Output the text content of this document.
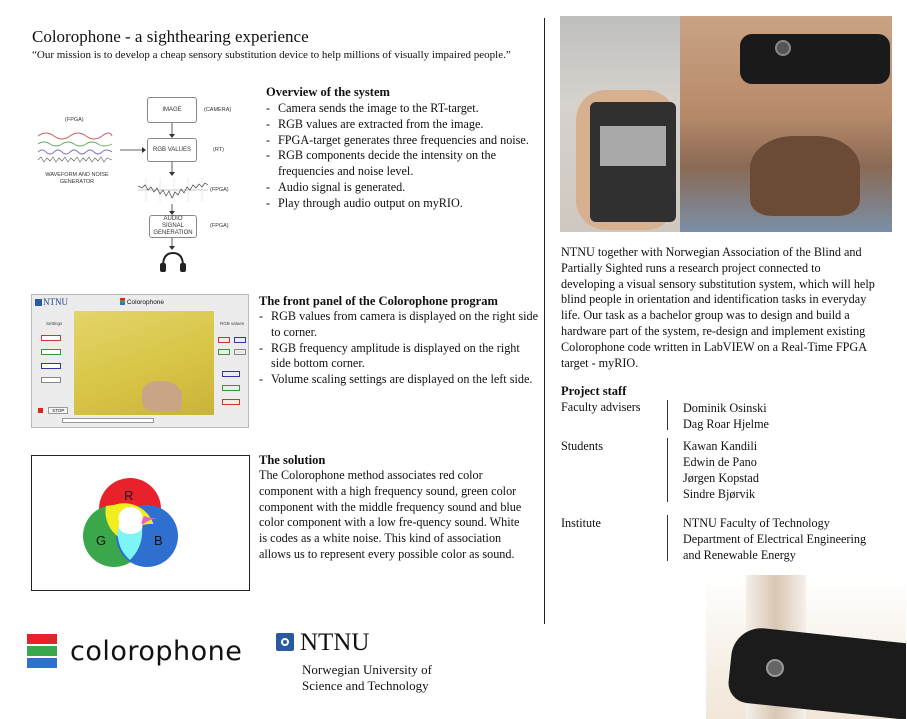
Colorophone - a sighthearing experience
“Our mission is to develop a cheap sensory substitution device to help millions of visually impaired people.”
(FPGA)
WAVEFORM AND NOISE GENERATOR
IMAGE	(CAMERA)
RGB VALUES	(RT)
(FPGA)
AUDIO SIGNAL GENERATION
(FPGA)
Overview of the system
- Camera sends the image to the RT-target.
- RGB values are extracted from the image.
- FPGA-target generates three frequencies and noise.
- RGB components decide the intensity on the frequencies and noise level.
- Audio signal is generated.
- Play through audio output on myRIO.
NTNU	Colorophone
Settings
STOP
RGB values
The front panel of the Colorophone program
- RGB values from camera is displayed on the right side to corner.
- RGB frequency amplitude is displayed on the right side bottom corner.
- Volume scaling settings are displayed on the left side.
R
G	B
The solution

The Colorophone method associates red color component with a high frequency sound, green color component with the middle frequency sound and blue color component with a low fre-quency sound. White is codes as a white noise. This kind of association allows us to represent every possible color as sound.

NTNU together with Norwegian Association of the Blind and Partially Sighted runs a research project connected to developing a visual sensory substitution system, which will help blind people in orientation and identification tasks in everyday life. Our task as a bachelor group was to design and build a hardware part of the system, re-design and implement existing Colorophone code written in LabVIEW on a Real-Time FPGA target - myRIO.
Project staff
Faculty advisers	Dominik Osinski
Dag Roar Hjelme
Students	Kawan Kandili
Edwin de Pano
Jørgen Kopstad
Sindre Bjørvik
Institute	NTNU Faculty of Technology
Department of Electrical Engineering
and Renewable Energy
colorophone NTNU
Norwegian University of
Science and Technology
